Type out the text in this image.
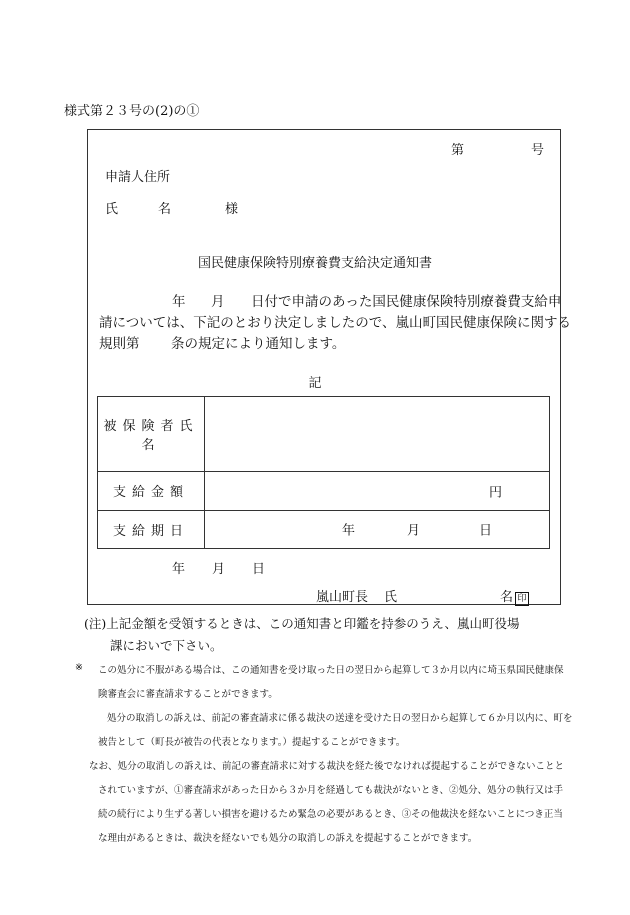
様式第２３号の(2)の①
第	号
申請人住所
氏	名	様
国民健康保険特別療養費支給決定通知書
年 月 日付で申請のあった国民健康保険特別療養費支給申
請については、下記のとおり決定しましたので、嵐山町国民健康保険に関する
規則第 条の規定により通知します。
記
被保険者氏名	
支給金額	円

支給期日	年 月 日
年 月 日
嵐山町長 氏	名 印
(注)上記金額を受領するときは、この通知書と印鑑を持参のうえ、嵐山町役場
課においで下さい。
※ この処分に不服がある場合は、この通知書を受け取った日の翌日から起算して３か月以内に埼玉県国民健康保
険審査会に審査請求することができます。
処分の取消しの訴えは、前記の審査請求に係る裁決の送達を受けた日の翌日から起算して６か月以内に、町を
被告として（町長が被告の代表となります。）提起することができます。
なお、処分の取消しの訴えは、前記の審査請求に対する裁決を経た後でなければ提起することができないことと
されていますが、①審査請求があった日から３か月を経過しても裁決がないとき、②処分、処分の執行又は手
続の続行により生ずる著しい損害を避けるため緊急の必要があるとき、③その他裁決を経ないことにつき正当
な理由があるときは、裁決を経ないでも処分の取消しの訴えを提起することができます。
